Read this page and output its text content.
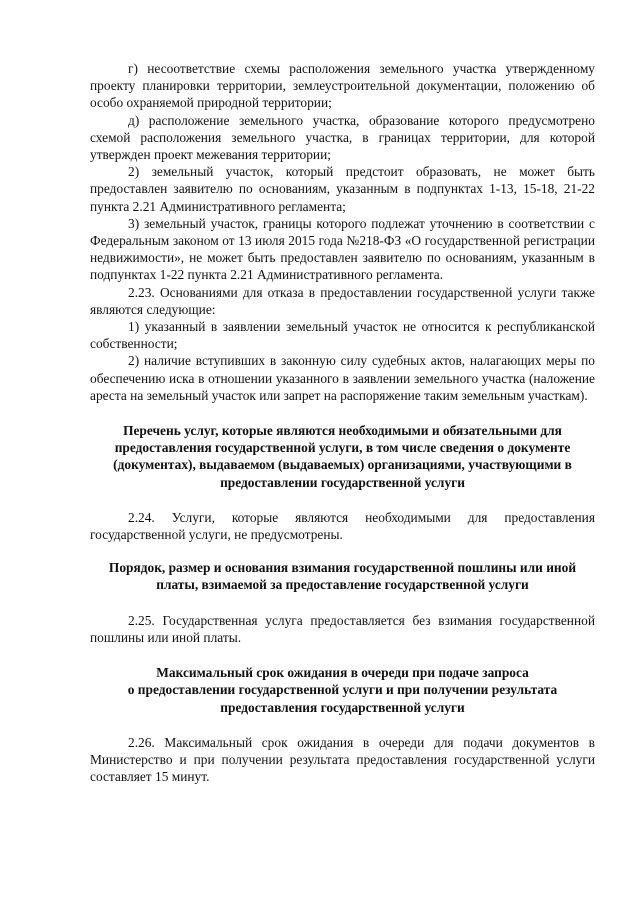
г) несоответствие схемы расположения земельного участка утвержденному проекту планировки территории, землеустроительной документации, положению об особо охраняемой природной территории;

д) расположение земельного участка, образование которого предусмотрено схемой расположения земельного участка, в границах территории, для которой утвержден проект межевания территории;

2) земельный участок, который предстоит образовать, не может быть предоставлен заявителю по основаниям, указанным в подпунктах 1-13, 15-18, 21-22 пункта 2.21 Административного регламента;

3) земельный участок, границы которого подлежат уточнению в соответствии с Федеральным законом от 13 июля 2015 года №218-ФЗ «О государственной регистрации недвижимости», не может быть предоставлен заявителю по основаниям, указанным в подпунктах 1-22 пункта 2.21 Административного регламента.

2.23. Основаниями для отказа в предоставлении государственной услуги также являются следующие:

1) указанный в заявлении земельный участок не относится к республиканской собственности;

2) наличие вступивших в законную силу судебных актов, налагающих меры по обеспечению иска в отношении указанного в заявлении земельного участка (наложение ареста на земельный участок или запрет на распоряжение таким земельным участкам).

Перечень услуг, которые являются необходимыми и обязательными для

предоставления государственной услуги, в том числе сведения о документе

(документах), выдаваемом (выдаваемых) организациями, участвующими в

предоставлении государственной услуги

2.24. Услуги, которые являются необходимыми для предоставления государственной услуги, не предусмотрены.

Порядок, размер и основания взимания государственной пошлины или иной

платы, взимаемой за предоставление государственной услуги

2.25. Государственная услуга предоставляется без взимания государственной пошлины или иной платы.

Максимальный срок ожидания в очереди при подаче запроса

о предоставлении государственной услуги и при получении результата

предоставления государственной услуги

2.26. Максимальный срок ожидания в очереди для подачи документов в Министерство и при получении результата предоставления государственной услуги составляет 15 минут.
